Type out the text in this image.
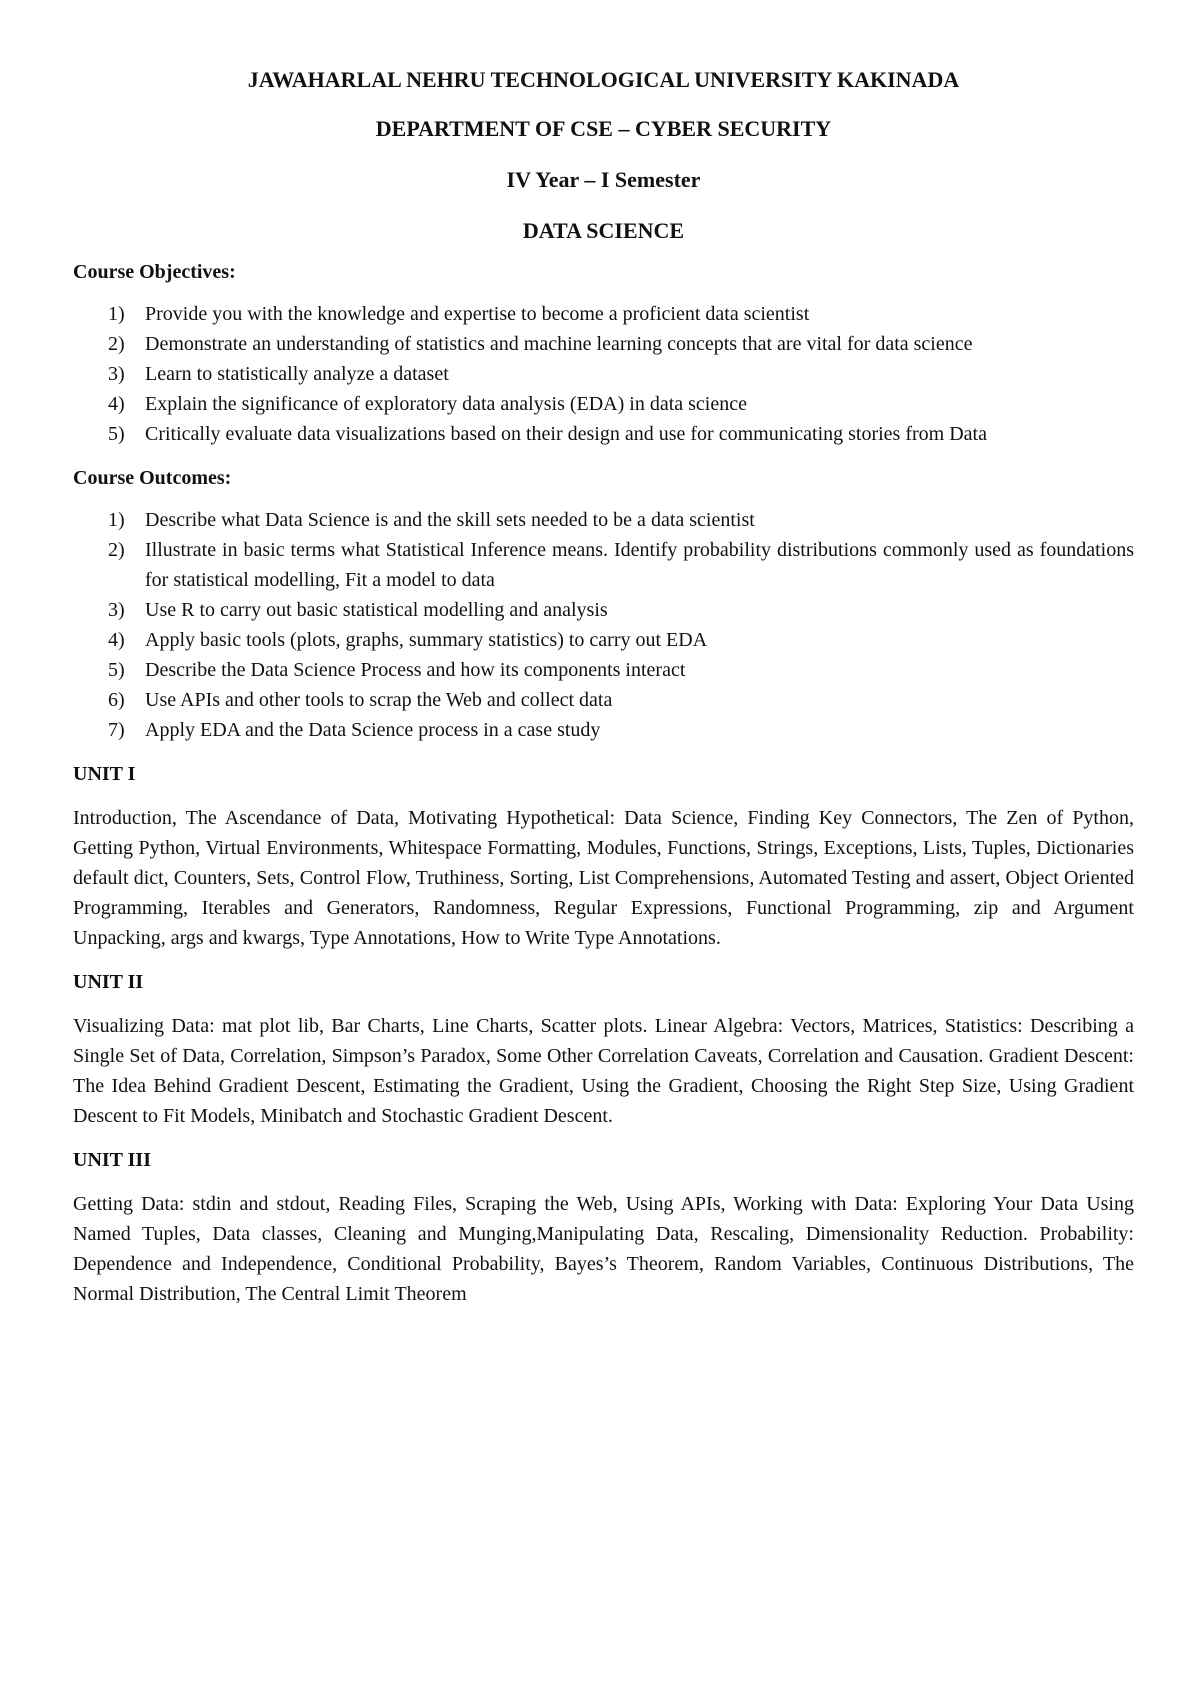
JAWAHARLAL NEHRU TECHNOLOGICAL UNIVERSITY KAKINADA

DEPARTMENT OF CSE – CYBER SECURITY

IV Year – I Semester

DATA SCIENCE

Course Objectives:

1) Provide you with the knowledge and expertise to become a proficient data scientist
2) Demonstrate an understanding of statistics and machine learning concepts that are vital for data science
3) Learn to statistically analyze a dataset
4) Explain the significance of exploratory data analysis (EDA) in data science
5) Critically evaluate data visualizations based on their design and use for communicating stories from Data

Course Outcomes:

1) Describe what Data Science is and the skill sets needed to be a data scientist
2) Illustrate in basic terms what Statistical Inference means. Identify probability distributions commonly used as foundations for statistical modelling, Fit a model to data
3) Use R to carry out basic statistical modelling and analysis
4) Apply basic tools (plots, graphs, summary statistics) to carry out EDA
5) Describe the Data Science Process and how its components interact
6) Use APIs and other tools to scrap the Web and collect data
7) Apply EDA and the Data Science process in a case study

UNIT I

Introduction, The Ascendance of Data, Motivating Hypothetical: Data Science, Finding Key Connectors, The Zen of Python, Getting Python, Virtual Environments, Whitespace Formatting, Modules, Functions, Strings, Exceptions, Lists, Tuples, Dictionaries default dict, Counters, Sets, Control Flow, Truthiness, Sorting, List Comprehensions, Automated Testing and assert, Object Oriented Programming, Iterables and Generators, Randomness, Regular Expressions, Functional Programming, zip and Argument Unpacking, args and kwargs, Type Annotations, How to Write Type Annotations.

UNIT II

Visualizing Data: mat plot lib, Bar Charts, Line Charts, Scatter plots. Linear Algebra: Vectors, Matrices, Statistics: Describing a Single Set of Data, Correlation, Simpson’s Paradox, Some Other Correlation Caveats, Correlation and Causation. Gradient Descent: The Idea Behind Gradient Descent, Estimating the Gradient, Using the Gradient, Choosing the Right Step Size, Using Gradient Descent to Fit Models, Minibatch and Stochastic Gradient Descent.

UNIT III

Getting Data: stdin and stdout, Reading Files, Scraping the Web, Using APIs, Working with Data: Exploring Your Data Using Named Tuples, Data classes, Cleaning and Munging,Manipulating Data, Rescaling, Dimensionality Reduction. Probability: Dependence and Independence, Conditional Probability, Bayes’s Theorem, Random Variables, Continuous Distributions, The Normal Distribution, The Central Limit Theorem
